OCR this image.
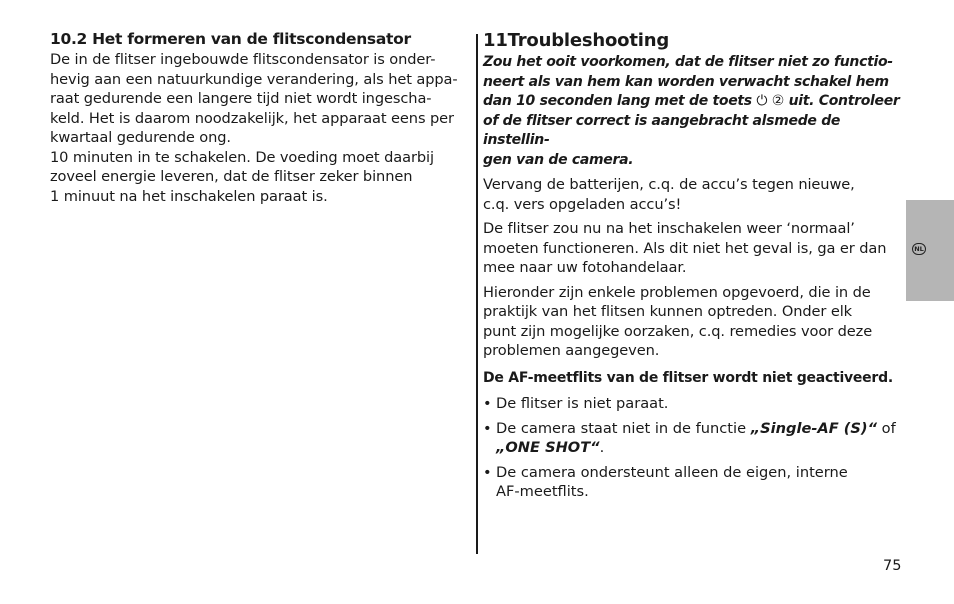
10.2 Het formeren van de flitscondensator

De in de flitser ingebouwde flitscondensator is onder-
hevig aan een natuurkundige verandering, als het appa-
raat gedurende een langere tijd niet wordt ingescha-
keld. Het is daarom noodzakelijk, het apparaat eens per
kwartaal gedurende ong.
10 minuten in te schakelen. De voeding moet daarbij
zoveel energie leveren, dat de flitser zeker binnen
1 minuut na het inschakelen paraat is.

11Troubleshooting

Zou het ooit voorkomen, dat de flitser niet zo functio-
neert als van hem kan worden verwacht schakel hem
dan 10 seconden lang met de toets ⏻ ② uit. Controleer
of de flitser correct is aangebracht alsmede de instellin-
gen van de camera.

Vervang de batterijen, c.q. de accu’s tegen nieuwe,
c.q. vers opgeladen accu’s!

De flitser zou nu na het inschakelen weer ‘normaal’
moeten functioneren. Als dit niet het geval is, ga er dan
mee naar uw fotohandelaar.

Hieronder zijn enkele problemen opgevoerd, die in de
praktijk van het flitsen kunnen optreden. Onder elk
punt zijn mogelijke oorzaken, c.q. remedies voor deze
problemen aangegeven.

De AF-meetflits van de flitser wordt niet geactiveerd.

• De flitser is niet paraat.
• De camera staat niet in de functie „Single-AF (S)“ of
„ONE SHOT“.
• De camera ondersteunt alleen de eigen, interne
AF-meetflits.
NL
75
